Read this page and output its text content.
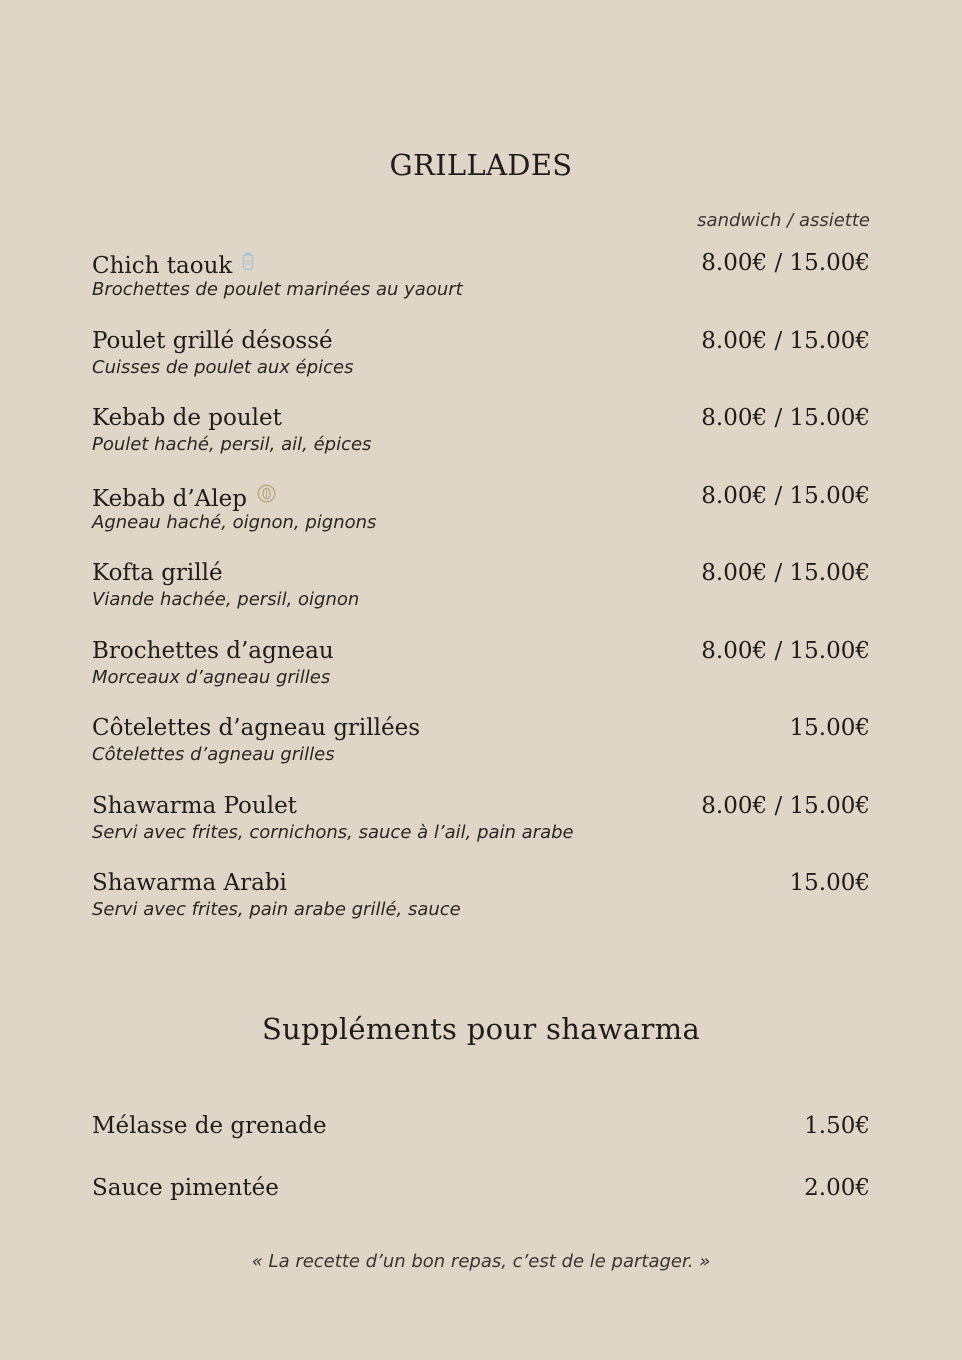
GRILLADES
sandwich / assiette
Chich taouk
Brochettes de poulet marinées au yaourt
8.00€ / 15.00€
Poulet grillé désossé
Cuisses de poulet aux épices
8.00€ / 15.00€
Kebab de poulet
Poulet haché, persil, ail, épices
8.00€ / 15.00€
Kebab d’Alep
Agneau haché, oignon, pignons
8.00€ / 15.00€
Kofta grillé
Viande hachée, persil, oignon
8.00€ / 15.00€
Brochettes d’agneau
Morceaux d’agneau grilles
8.00€ / 15.00€
Côtelettes d’agneau grillées
Côtelettes d’agneau grilles
15.00€
Shawarma Poulet
Servi avec frites, cornichons, sauce à l’ail, pain arabe
8.00€ / 15.00€
Shawarma Arabi
Servi avec frites, pain arabe grillé, sauce
15.00€
Suppléments pour shawarma
Mélasse de grenade	1.50€
Sauce pimentée	2.00€
« La recette d’un bon repas, c’est de le partager. »
